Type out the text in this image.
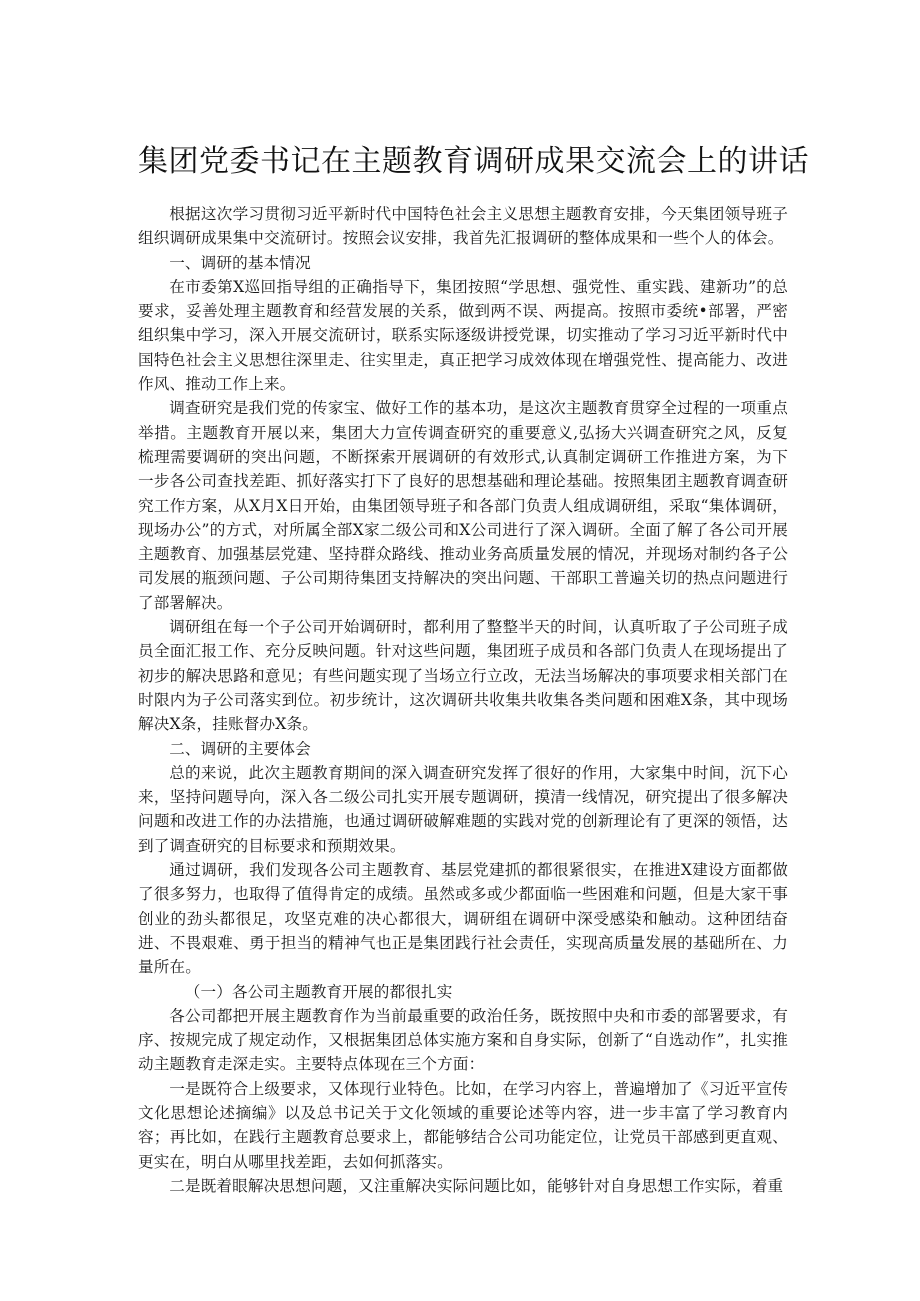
集团党委书记在主题教育调研成果交流会上的讲话

根据这次学习贯彻习近平新时代中国特色社会主义思想主题教育安排，今天集团领导班子组织调研成果集中交流研讨。按照会议安排，我首先汇报调研的整体成果和一些个人的体会。

一、调研的基本情况

在市委第X巡回指导组的正确指导下，集团按照“学思想、强党性、重实践、建新功”的总要求，妥善处理主题教育和经营发展的关系，做到两不误、两提高。按照市委统•部署，严密组织集中学习，深入开展交流研讨，联系实际逐级讲授党课，切实推动了学习习近平新时代中国特色社会主义思想往深里走、往实里走，真正把学习成效体现在增强党性、提高能力、改进作风、推动工作上来。

调查研究是我们党的传家宝、做好工作的基本功，是这次主题教育贯穿全过程的一项重点举措。主题教育开展以来，集团大力宣传调查研究的重要意义,弘扬大兴调查研究之风，反复梳理需要调研的突出问题，不断探索开展调研的有效形式,认真制定调研工作推进方案，为下一步各公司查找差距、抓好落实打下了良好的思想基础和理论基础。按照集团主题教育调查研究工作方案，从X月X日开始，由集团领导班子和各部门负责人组成调研组，采取“集体调研，现场办公”的方式，对所属全部X家二级公司和X公司进行了深入调研。全面了解了各公司开展主题教育、加强基层党建、坚持群众路线、推动业务高质量发展的情况，并现场对制约各子公司发展的瓶颈问题、子公司期待集团支持解决的突出问题、干部职工普遍关切的热点问题进行了部署解决。

调研组在每一个子公司开始调研时，都利用了整整半天的时间，认真听取了子公司班子成员全面汇报工作、充分反映问题。针对这些问题，集团班子成员和各部门负责人在现场提出了初步的解决思路和意见；有些问题实现了当场立行立改，无法当场解决的事项要求相关部门在时限内为子公司落实到位。初步统计，这次调研共收集共收集各类问题和困难X条，其中现场解决X条，挂账督办X条。

二、调研的主要体会

总的来说，此次主题教育期间的深入调查研究发挥了很好的作用，大家集中时间，沉下心来，坚持问题导向，深入各二级公司扎实开展专题调研，摸清一线情况，研究提出了很多解决问题和改进工作的办法措施，也通过调研破解难题的实践对党的创新理论有了更深的领悟，达到了调查研究的目标要求和预期效果。

通过调研，我们发现各公司主题教育、基层党建抓的都很紧很实，在推进X建设方面都做了很多努力，也取得了值得肯定的成绩。虽然或多或少都面临一些困难和问题，但是大家干事创业的劲头都很足，攻坚克难的决心都很大，调研组在调研中深受感染和触动。这种团结奋进、不畏艰难、勇于担当的精神气也正是集团践行社会责任，实现高质量发展的基础所在、力量所在。

（一）各公司主题教育开展的都很扎实

各公司都把开展主题教育作为当前最重要的政治任务，既按照中央和市委的部署要求，有序、按规完成了规定动作，又根据集团总体实施方案和自身实际，创新了“自选动作”，扎实推动主题教育走深走实。主要特点体现在三个方面：

一是既符合上级要求，又体现行业特色。比如，在学习内容上，普遍增加了《习近平宣传文化思想论述摘编》以及总书记关于文化领域的重要论述等内容，进一步丰富了学习教育内容；再比如，在践行主题教育总要求上，都能够结合公司功能定位，让党员干部感到更直观、更实在，明白从哪里找差距，去如何抓落实。

二是既着眼解决思想问题，又注重解决实际问题比如，能够针对自身思想工作实际，着重
